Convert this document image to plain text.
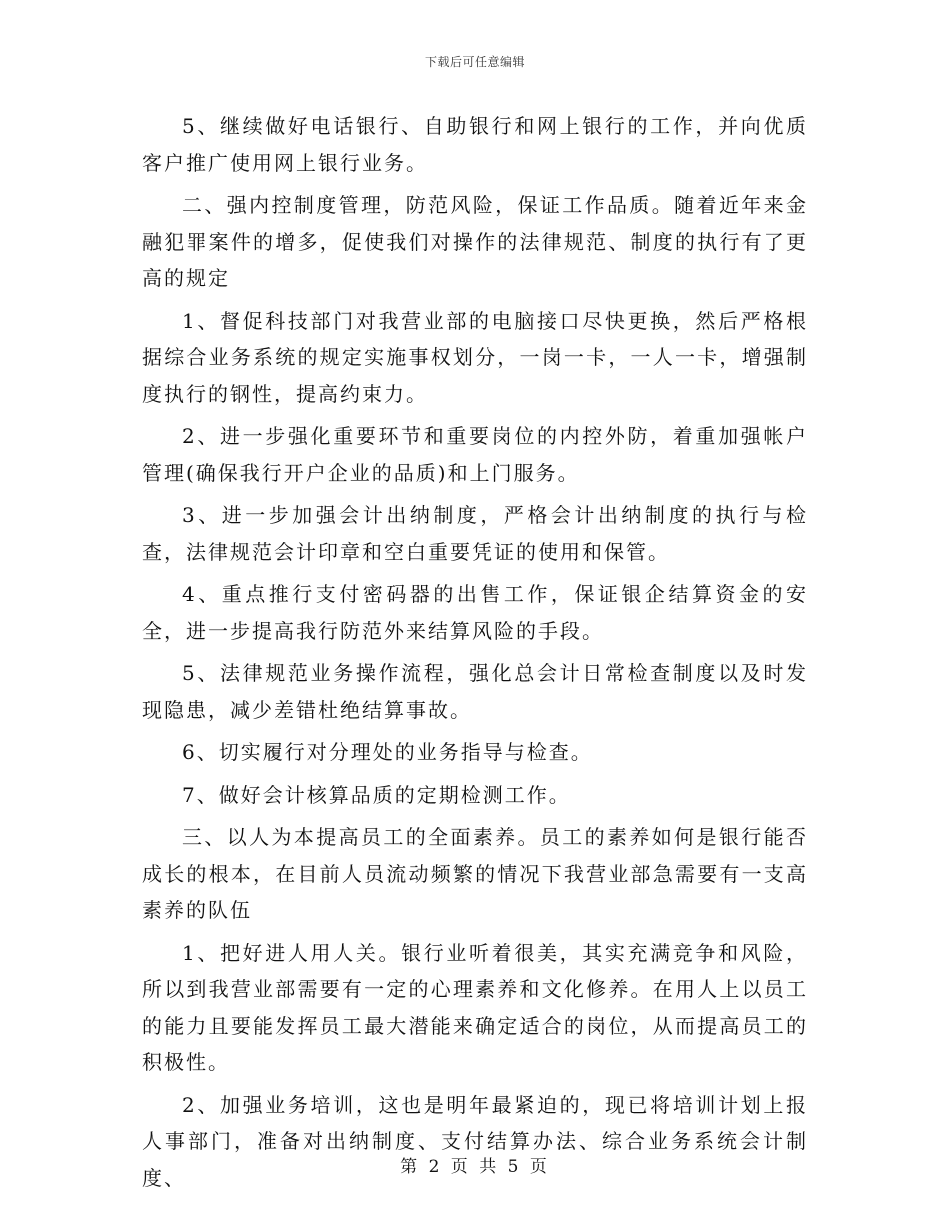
下载后可任意编辑

5、继续做好电话银行、自助银行和网上银行的工作，并向优质客户推广使用网上银行业务。

二、强内控制度管理，防范风险，保证工作品质。随着近年来金融犯罪案件的增多，促使我们对操作的法律规范、制度的执行有了更高的规定

1、督促科技部门对我营业部的电脑接口尽快更换，然后严格根据综合业务系统的规定实施事权划分，一岗一卡，一人一卡，增强制度执行的钢性，提高约束力。

2、进一步强化重要环节和重要岗位的内控外防，着重加强帐户管理(确保我行开户企业的品质)和上门服务。

3、进一步加强会计出纳制度，严格会计出纳制度的执行与检查，法律规范会计印章和空白重要凭证的使用和保管。

4、重点推行支付密码器的出售工作，保证银企结算资金的安全，进一步提高我行防范外来结算风险的手段。

5、法律规范业务操作流程，强化总会计日常检查制度以及时发现隐患，减少差错杜绝结算事故。

6、切实履行对分理处的业务指导与检查。

7、做好会计核算品质的定期检测工作。

三、以人为本提高员工的全面素养。员工的素养如何是银行能否成长的根本，在目前人员流动频繁的情况下我营业部急需要有一支高素养的队伍

1、把好进人用人关。银行业听着很美，其实充满竞争和风险，所以到我营业部需要有一定的心理素养和文化修养。在用人上以员工的能力且要能发挥员工最大潜能来确定适合的岗位，从而提高员工的积极性。

2、加强业务培训，这也是明年最紧迫的，现已将培训计划上报人事部门，准备对出纳制度、支付结算办法、综合业务系统会计制度、	第 2 页 共 5 页
